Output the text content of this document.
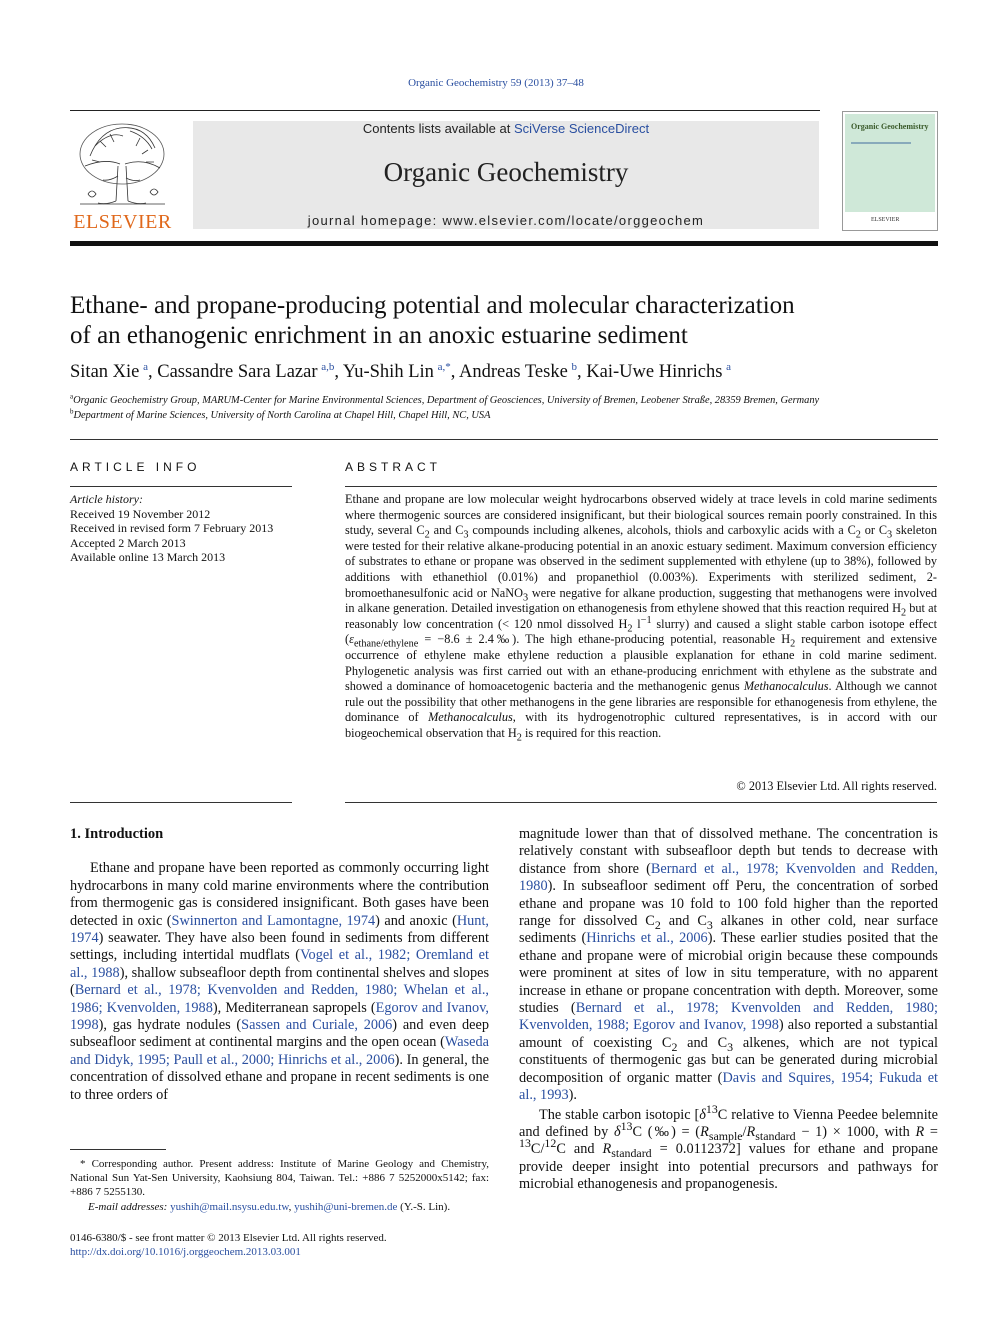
Organic Geochemistry 59 (2013) 37–48
ELSEVIER
Contents lists available at SciVerse ScienceDirect
Organic Geochemistry
journal homepage: www.elsevier.com/locate/orggeochem
Organic Geochemistry
ELSEVIER
Ethane- and propane-producing potential and molecular characterization
of an ethanogenic enrichment in an anoxic estuarine sediment
Sitan Xie  $^a$, Cassandre Sara Lazar  $^{a,b}$, Yu-Shih Lin  $^{a,*}$, Andreas Teske  $^b$, Kai-Uwe Hinrichs  $^a$
$^a$Organic Geochemistry Group, MARUM-Center for Marine Environmental Sciences, Department of Geosciences, University of Bremen, Leobener Straße, 28359 Bremen, Germany
$^b$Department of Marine Sciences, University of North Carolina at Chapel Hill, Chapel Hill, NC, USA
ARTICLE INFO
Article history:
Received 19 November 2012
Received in revised form 7 February 2013
Accepted 2 March 2013
Available online 13 March 2013
ABSTRACT
Ethane and propane are low molecular weight hydrocarbons observed widely at trace levels in cold marine sediments where thermogenic sources are considered insignificant, but their biological sources remain poorly constrained. In this study, several $C_2$ and $C_3$ compounds including alkenes, alcohols, thiols and carboxylic acids with a $C_2$ or $C_3$ skeleton were tested for their relative alkane-producing potential in an anoxic estuary sediment. Maximum conversion efficiency of substrates to ethane or propane was observed in the sediment supplemented with ethylene (up to 38%), followed by additions with ethanethiol (0.01%) and propanethiol (0.003%). Experiments with sterilized sediment, 2-bromoethanesulfonic acid or NaNO$_3$ were negative for alkane production, suggesting that methanogens were involved in alkane generation. Detailed investigation on ethanogenesis from ethylene showed that this reaction required $H_2$ but at reasonably low concentration (< 120 nmol dissolved $H_2$ $l^{-1}$ slurry) and caused a slight stable carbon isotope effect ($\varepsilon_{ethane/ethylene} = -8.6$ ± 2.4‰). The high ethane-producing potential, reasonable $H_2$ requirement and extensive occurrence of ethylene make ethylene reduction a plausible explanation for ethane in cold marine sediment. Phylogenetic analysis was first carried out with an ethane-producing enrichment with ethylene as the substrate and showed a dominance of homoacetogenic bacteria and the methanogenic genus Methanocalculus. Although we cannot rule out the possibility that other methanogens in the gene libraries are responsible for ethanogenesis from ethylene, the dominance of Methanocalculus, with its hydrogenotrophic cultured representatives, is in accord with our biogeochemical observation that $H_2$ is required for this reaction.
© 2013 Elsevier Ltd. All rights reserved.

1. Introduction

Ethane and propane have been reported as commonly occurring light hydrocarbons in many cold marine environments where the contribution from thermogenic gas is considered insignificant. Both gases have been detected in oxic (Swinnerton and Lamontagne, 1974) and anoxic (Hunt, 1974) seawater. They have also been found in sediments from different settings, including intertidal mudflats (Vogel et al., 1982; Oremland et al., 1988), shallow subseafloor depth from continental shelves and slopes (Bernard et al., 1978; Kvenvolden and Redden, 1980; Whelan et al., 1986; Kvenvolden, 1988), Mediterranean sapropels (Egorov and Ivanov, 1998), gas hydrate nodules (Sassen and Curiale, 2006) and even deep subseafloor sediment at continental margins and the open ocean (Waseda and Didyk, 1995; Paull et al., 2000; Hinrichs et al., 2006). In general, the concentration of dissolved ethane and propane in recent sediments is one to three orders of

* Corresponding author. Present address: Institute of Marine Geology and Chemistry, National Sun Yat-Sen University, Kaohsiung 804, Taiwan. Tel.: +886 7 5252000x5142; fax: +886 7 5255130.
E-mail addresses: yushih@mail.nsysu.edu.tw, yushih@uni-bremen.de (Y.-S. Lin).
0146-6380/$ - see front matter © 2013 Elsevier Ltd. All rights reserved.
http://dx.doi.org/10.1016/j.orggeochem.2013.03.001

magnitude lower than that of dissolved methane. The concentration is relatively constant with subseafloor depth but tends to decrease with distance from shore (Bernard et al., 1978; Kvenvolden and Redden, 1980). In subseafloor sediment off Peru, the concentration of sorbed ethane and propane was 10 fold to 100 fold higher than the reported range for dissolved $C_2$ and $C_3$ alkanes in other cold, near surface sediments (Hinrichs et al., 2006). These earlier studies posited that the ethane and propane were of microbial origin because these compounds were prominent at sites of low in situ temperature, with no apparent increase in ethane or propane concentration with depth. Moreover, some studies (Bernard et al., 1978; Kvenvolden and Redden, 1980; Kvenvolden, 1988; Egorov and Ivanov, 1998) also reported a substantial amount of coexisting $C_2$ and $C_3$ alkenes, which are not typical constituents of thermogenic gas but can be generated during microbial decomposition of organic matter (Davis and Squires, 1954; Fukuda et al., 1993).

The stable carbon isotopic [$\delta^{13}C$ relative to Vienna Peedee belemnite and defined by $\delta^{13}C$ (‰) = $(R_{sample}/R_{standard} - 1) \times 1000$, with R = $^{13}$C/$^{12}$C and $R_{standard} = 0.0112372$] values for ethane and propane provide deeper insight into potential precursors and pathways for microbial ethanogenesis and propanogenesis.
